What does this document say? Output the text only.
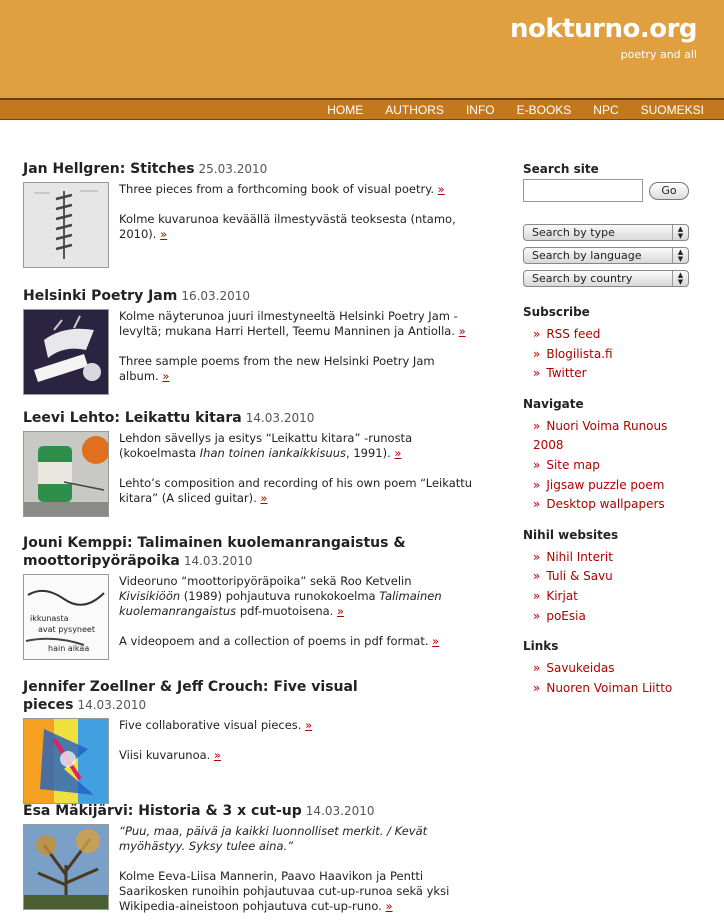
nokturno.org
poetry and all
HOME AUTHORS INFO E-BOOKS NPC SUOMEKSI
Jan Hellgren: Stitches 25.03.2010

Three pieces from a forthcoming book of visual poetry. »

Kolme kuvarunoa keväällä ilmestyvästä teoksesta (ntamo, 2010). »

Helsinki Poetry Jam 16.03.2010

Kolme näyterunoa juuri ilmestyneeltä Helsinki Poetry Jam -levyltä; mukana Harri Hertell, Teemu Manninen ja Antiolla. »

Three sample poems from the new Helsinki Poetry Jam album. »

Leevi Lehto: Leikattu kitara 14.03.2010

Lehdon sävellys ja esitys “Leikattu kitara” -runosta (kokoelmasta Ihan toinen iankaikkisuus, 1991). »

Lehto’s composition and recording of his own poem “Leikattu kitara” (A sliced guitar). »

Jouni Kemppi: Talimainen kuolemanrangaistus &
moottoripyöräpoika 14.03.2010
ikkunasta
avat pysyneet
hain aikaa

Videoruno “moottoripyöräpoika” sekä Roo Ketvelin Kivisikiöön (1989) pohjautuva runokokoelma Talimainen kuolemanrangaistus pdf-muotoisena. »

A videopoem and a collection of poems in pdf format. »

Jennifer Zoellner & Jeff Crouch: Five visual pieces 14.03.2010

Five collaborative visual pieces. »

Viisi kuvarunoa. »

Esa Mäkijärvi: Historia & 3 x cut-up 14.03.2010

“Puu, maa, päivä ja kaikki luonnolliset merkit. / Kevät myöhästyy. Syksy tulee aina.”

Kolme Eeva-Liisa Mannerin, Paavo Haavikon ja Pentti Saarikosken runoihin pohjautuvaa cut-up-runoa sekä yksi Wikipedia-aineistoon pohjautuva cut-up-runo. »

Search site
Go
Search by type	▲
▼
Search by language	▲
▼
Search by country	▲
▼
Subscribe
» RSS feed
» Blogilista.fi
» Twitter
Navigate
» Nuori Voima Runous 2008
» Site map
» Jigsaw puzzle poem
» Desktop wallpapers
Nihil websites
» Nihil Interit
» Tuli & Savu
» Kirjat
» poEsia
Links
» Savukeidas
» Nuoren Voiman Liitto
